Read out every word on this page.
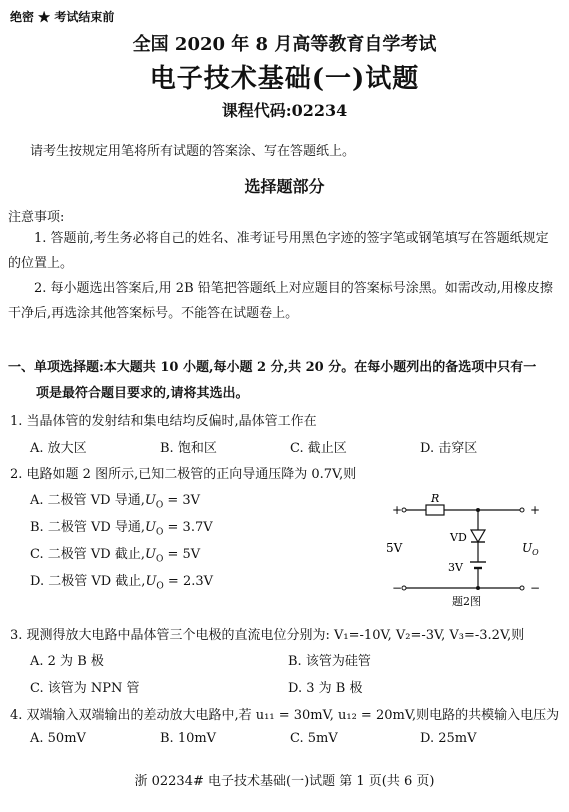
绝密 ★ 考试结束前
全国 2020 年 8 月高等教育自学考试
电子技术基础(一)试题
课程代码:02234
请考生按规定用笔将所有试题的答案涂、写在答题纸上。
选择题部分
注意事项:
1. 答题前,考生务必将自己的姓名、准考证号用黑色字迹的签字笔或钢笔填写在答题纸规定的位置上。
2. 每小题选出答案后,用 2B 铅笔把答题纸上对应题目的答案标号涂黑。如需改动,用橡皮擦干净后,再选涂其他答案标号。不能答在试题卷上。
一、单项选择题:本大题共 10 小题,每小题 2 分,共 20 分。在每小题列出的备选项中只有一
项是最符合题目要求的,请将其选出。
1. 当晶体管的发射结和集电结均反偏时,晶体管工作在
A. 放大区	B. 饱和区	C. 截止区	D. 击穿区
2. 电路如题 2 图所示,已知二极管的正向导通压降为 0.7V,则
A. 二极管 VD 导通$,U_O = 3V$
B. 二极管 VD 导通$,U_O = 3.7V$
C. 二极管 VD 截止$,U_O = 5V$
D. 二极管 VD 截止$,U_O = 2.3V$
+
R
+
VD
3V
−	−
5V	$U_O$
题2图
3. 现测得放大电路中晶体管三个电极的直流电位分别为: V₁=-10V, V₂=-3V, V₃=-3.2V,则
A. 2 为 B 极	B. 该管为硅管
C. 该管为 NPN 管	D. 3 为 B 极
4. 双端输入双端输出的差动放大电路中,若 u₁₁ = 30mV, u₁₂ = 20mV,则电路的共模输入电压为
A. 50mV	B. 10mV	C. 5mV	D. 25mV
浙 02234# 电子技术基础(一)试题 第 1 页(共 6 页)
